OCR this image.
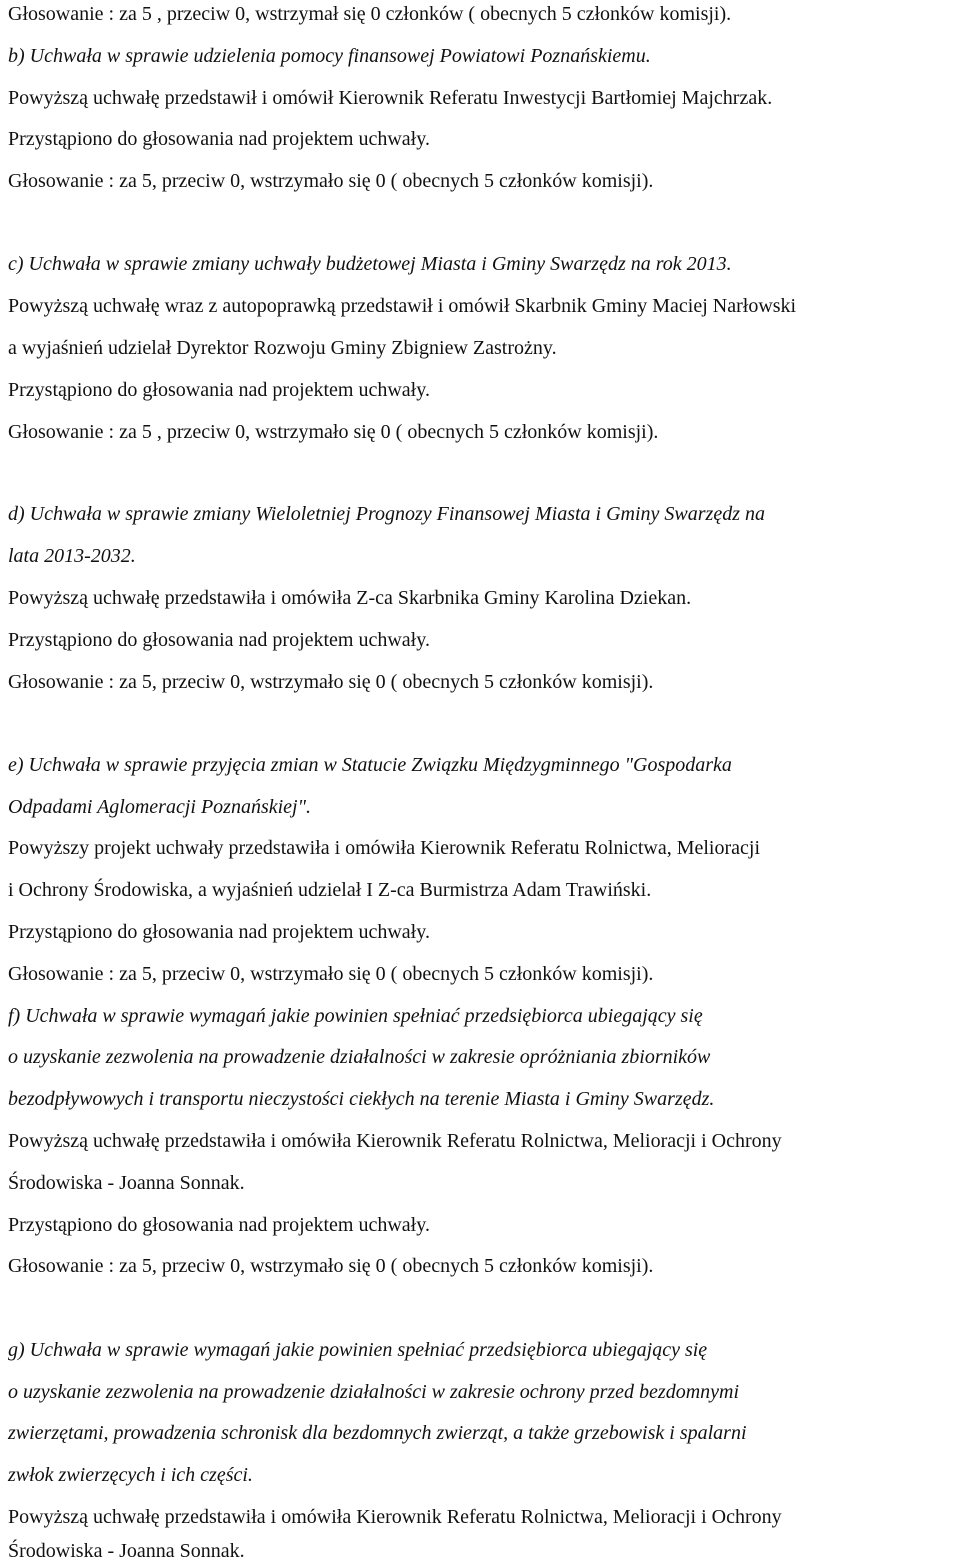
Głosowanie : za 5 , przeciw 0, wstrzymał się 0 członków ( obecnych 5 członków komisji).
b) Uchwała w sprawie udzielenia pomocy finansowej Powiatowi Poznańskiemu.
Powyższą uchwałę przedstawił i omówił Kierownik Referatu Inwestycji Bartłomiej Majchrzak.
Przystąpiono do głosowania nad projektem uchwały.
Głosowanie : za 5, przeciw 0, wstrzymało się 0 ( obecnych 5 członków komisji).
c) Uchwała w sprawie zmiany uchwały budżetowej Miasta i Gminy Swarzędz na rok 2013.
Powyższą uchwałę wraz z autopoprawką przedstawił i omówił Skarbnik Gminy Maciej Narłowski
a wyjaśnień udzielał Dyrektor Rozwoju Gminy Zbigniew Zastrożny.
Przystąpiono do głosowania nad projektem uchwały.
Głosowanie : za 5 , przeciw 0, wstrzymało się 0 ( obecnych 5 członków komisji).
d) Uchwała w sprawie zmiany Wieloletniej Prognozy Finansowej Miasta i Gminy Swarzędz na
lata 2013-2032.
Powyższą uchwałę przedstawiła i omówiła Z-ca Skarbnika Gminy Karolina Dziekan.
Przystąpiono do głosowania nad projektem uchwały.
Głosowanie : za 5, przeciw 0, wstrzymało się 0 ( obecnych 5 członków komisji).
e) Uchwała w sprawie przyjęcia zmian w Statucie Związku Międzygminnego "Gospodarka
Odpadami Aglomeracji Poznańskiej".
Powyższy projekt uchwały przedstawiła i omówiła Kierownik Referatu Rolnictwa, Melioracji
i Ochrony Środowiska, a wyjaśnień udzielał I Z-ca Burmistrza Adam Trawiński.
Przystąpiono do głosowania nad projektem uchwały.
Głosowanie : za 5, przeciw 0, wstrzymało się 0 ( obecnych 5 członków komisji).
f) Uchwała w sprawie wymagań jakie powinien spełniać przedsiębiorca ubiegający się
o uzyskanie zezwolenia na prowadzenie działalności w zakresie opróżniania zbiorników
bezodpływowych i transportu nieczystości ciekłych na terenie Miasta i Gminy Swarzędz.
Powyższą uchwałę przedstawiła i omówiła Kierownik Referatu Rolnictwa, Melioracji i Ochrony
Środowiska - Joanna Sonnak.
Przystąpiono do głosowania nad projektem uchwały.
Głosowanie : za 5, przeciw 0, wstrzymało się 0 ( obecnych 5 członków komisji).
g) Uchwała w sprawie wymagań jakie powinien spełniać przedsiębiorca ubiegający się
o uzyskanie zezwolenia na prowadzenie działalności w zakresie ochrony przed bezdomnymi
zwierzętami, prowadzenia schronisk dla bezdomnych zwierząt, a także grzebowisk i spalarni
zwłok zwierzęcych i ich części.
Powyższą uchwałę przedstawiła i omówiła Kierownik Referatu Rolnictwa, Melioracji i Ochrony
Środowiska - Joanna Sonnak.
